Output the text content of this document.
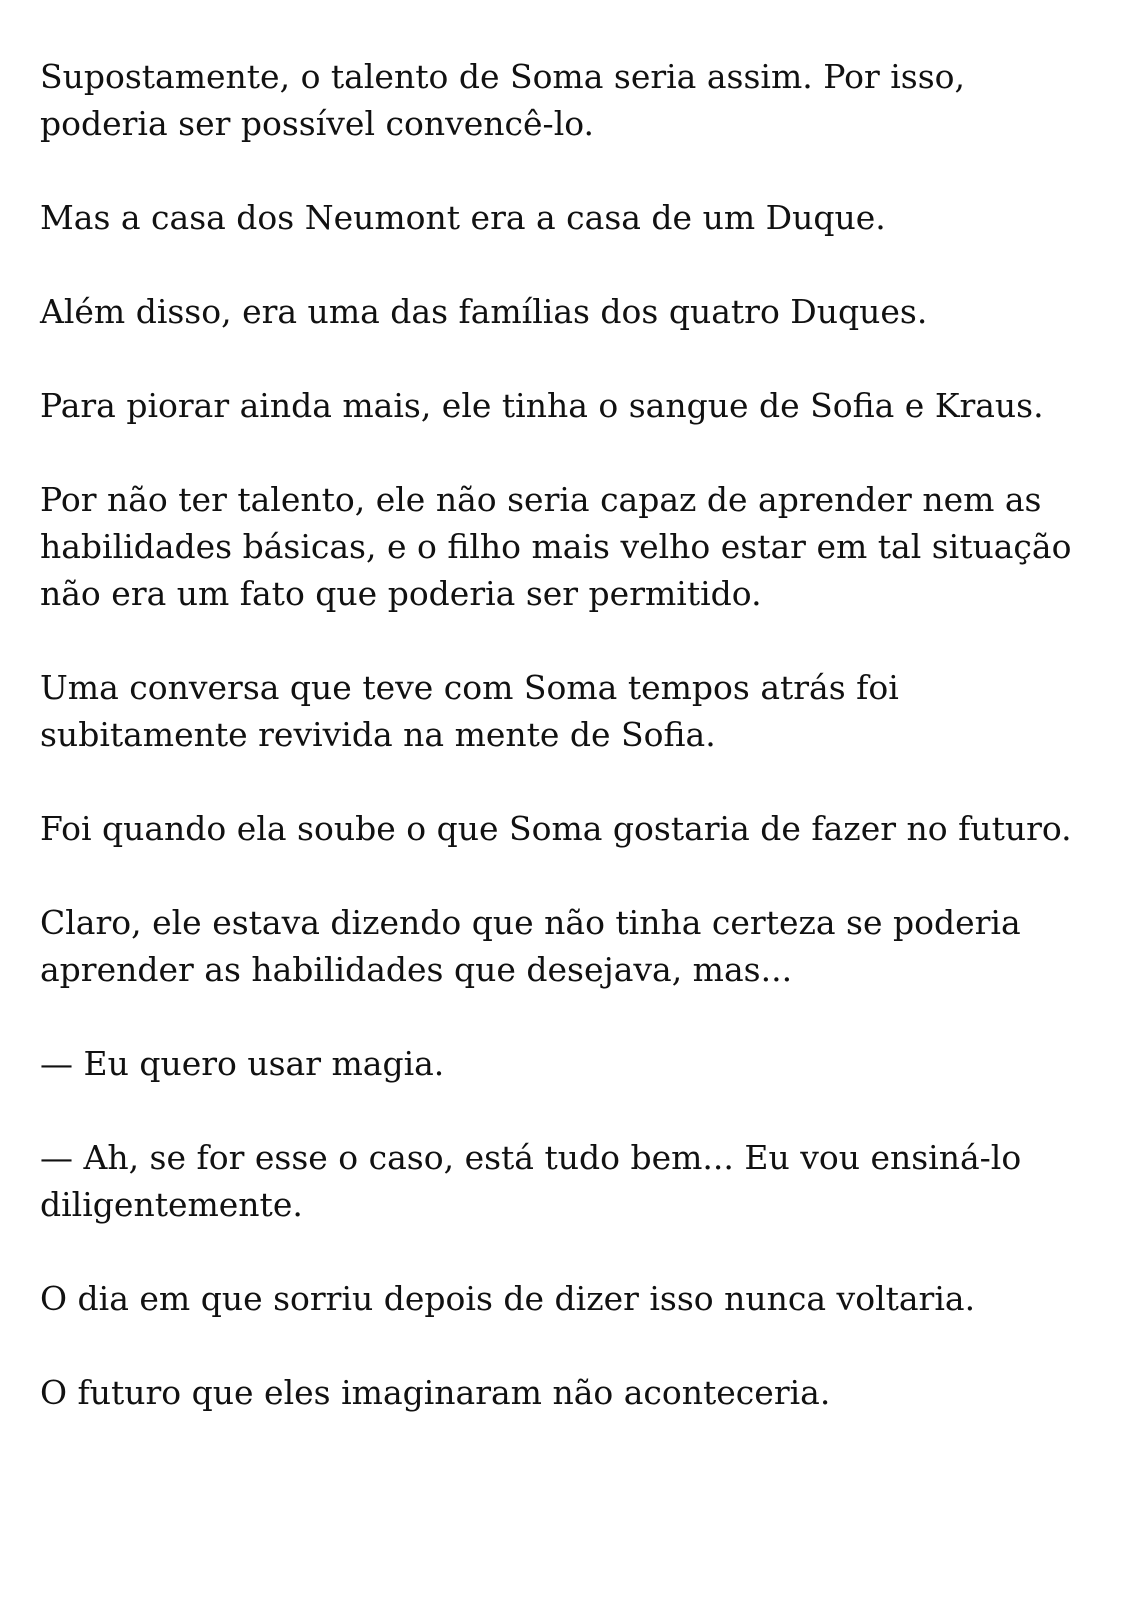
Supostamente, o talento de Soma seria assim. Por isso, poderia ser possível convencê-lo.

Mas a casa dos Neumont era a casa de um Duque.

Além disso, era uma das famílias dos quatro Duques.

Para piorar ainda mais, ele tinha o sangue de Sofia e Kraus.

Por não ter talento, ele não seria capaz de aprender nem as habilidades básicas, e o filho mais velho estar em tal situação não era um fato que poderia ser permitido.

Uma conversa que teve com Soma tempos atrás foi subitamente revivida na mente de Sofia.

Foi quando ela soube o que Soma gostaria de fazer no futuro.

Claro, ele estava dizendo que não tinha certeza se poderia aprender as habilidades que desejava, mas...

— Eu quero usar magia.

— Ah, se for esse o caso, está tudo bem... Eu vou ensiná-lo diligentemente.

O dia em que sorriu depois de dizer isso nunca voltaria.

O futuro que eles imaginaram não aconteceria.
